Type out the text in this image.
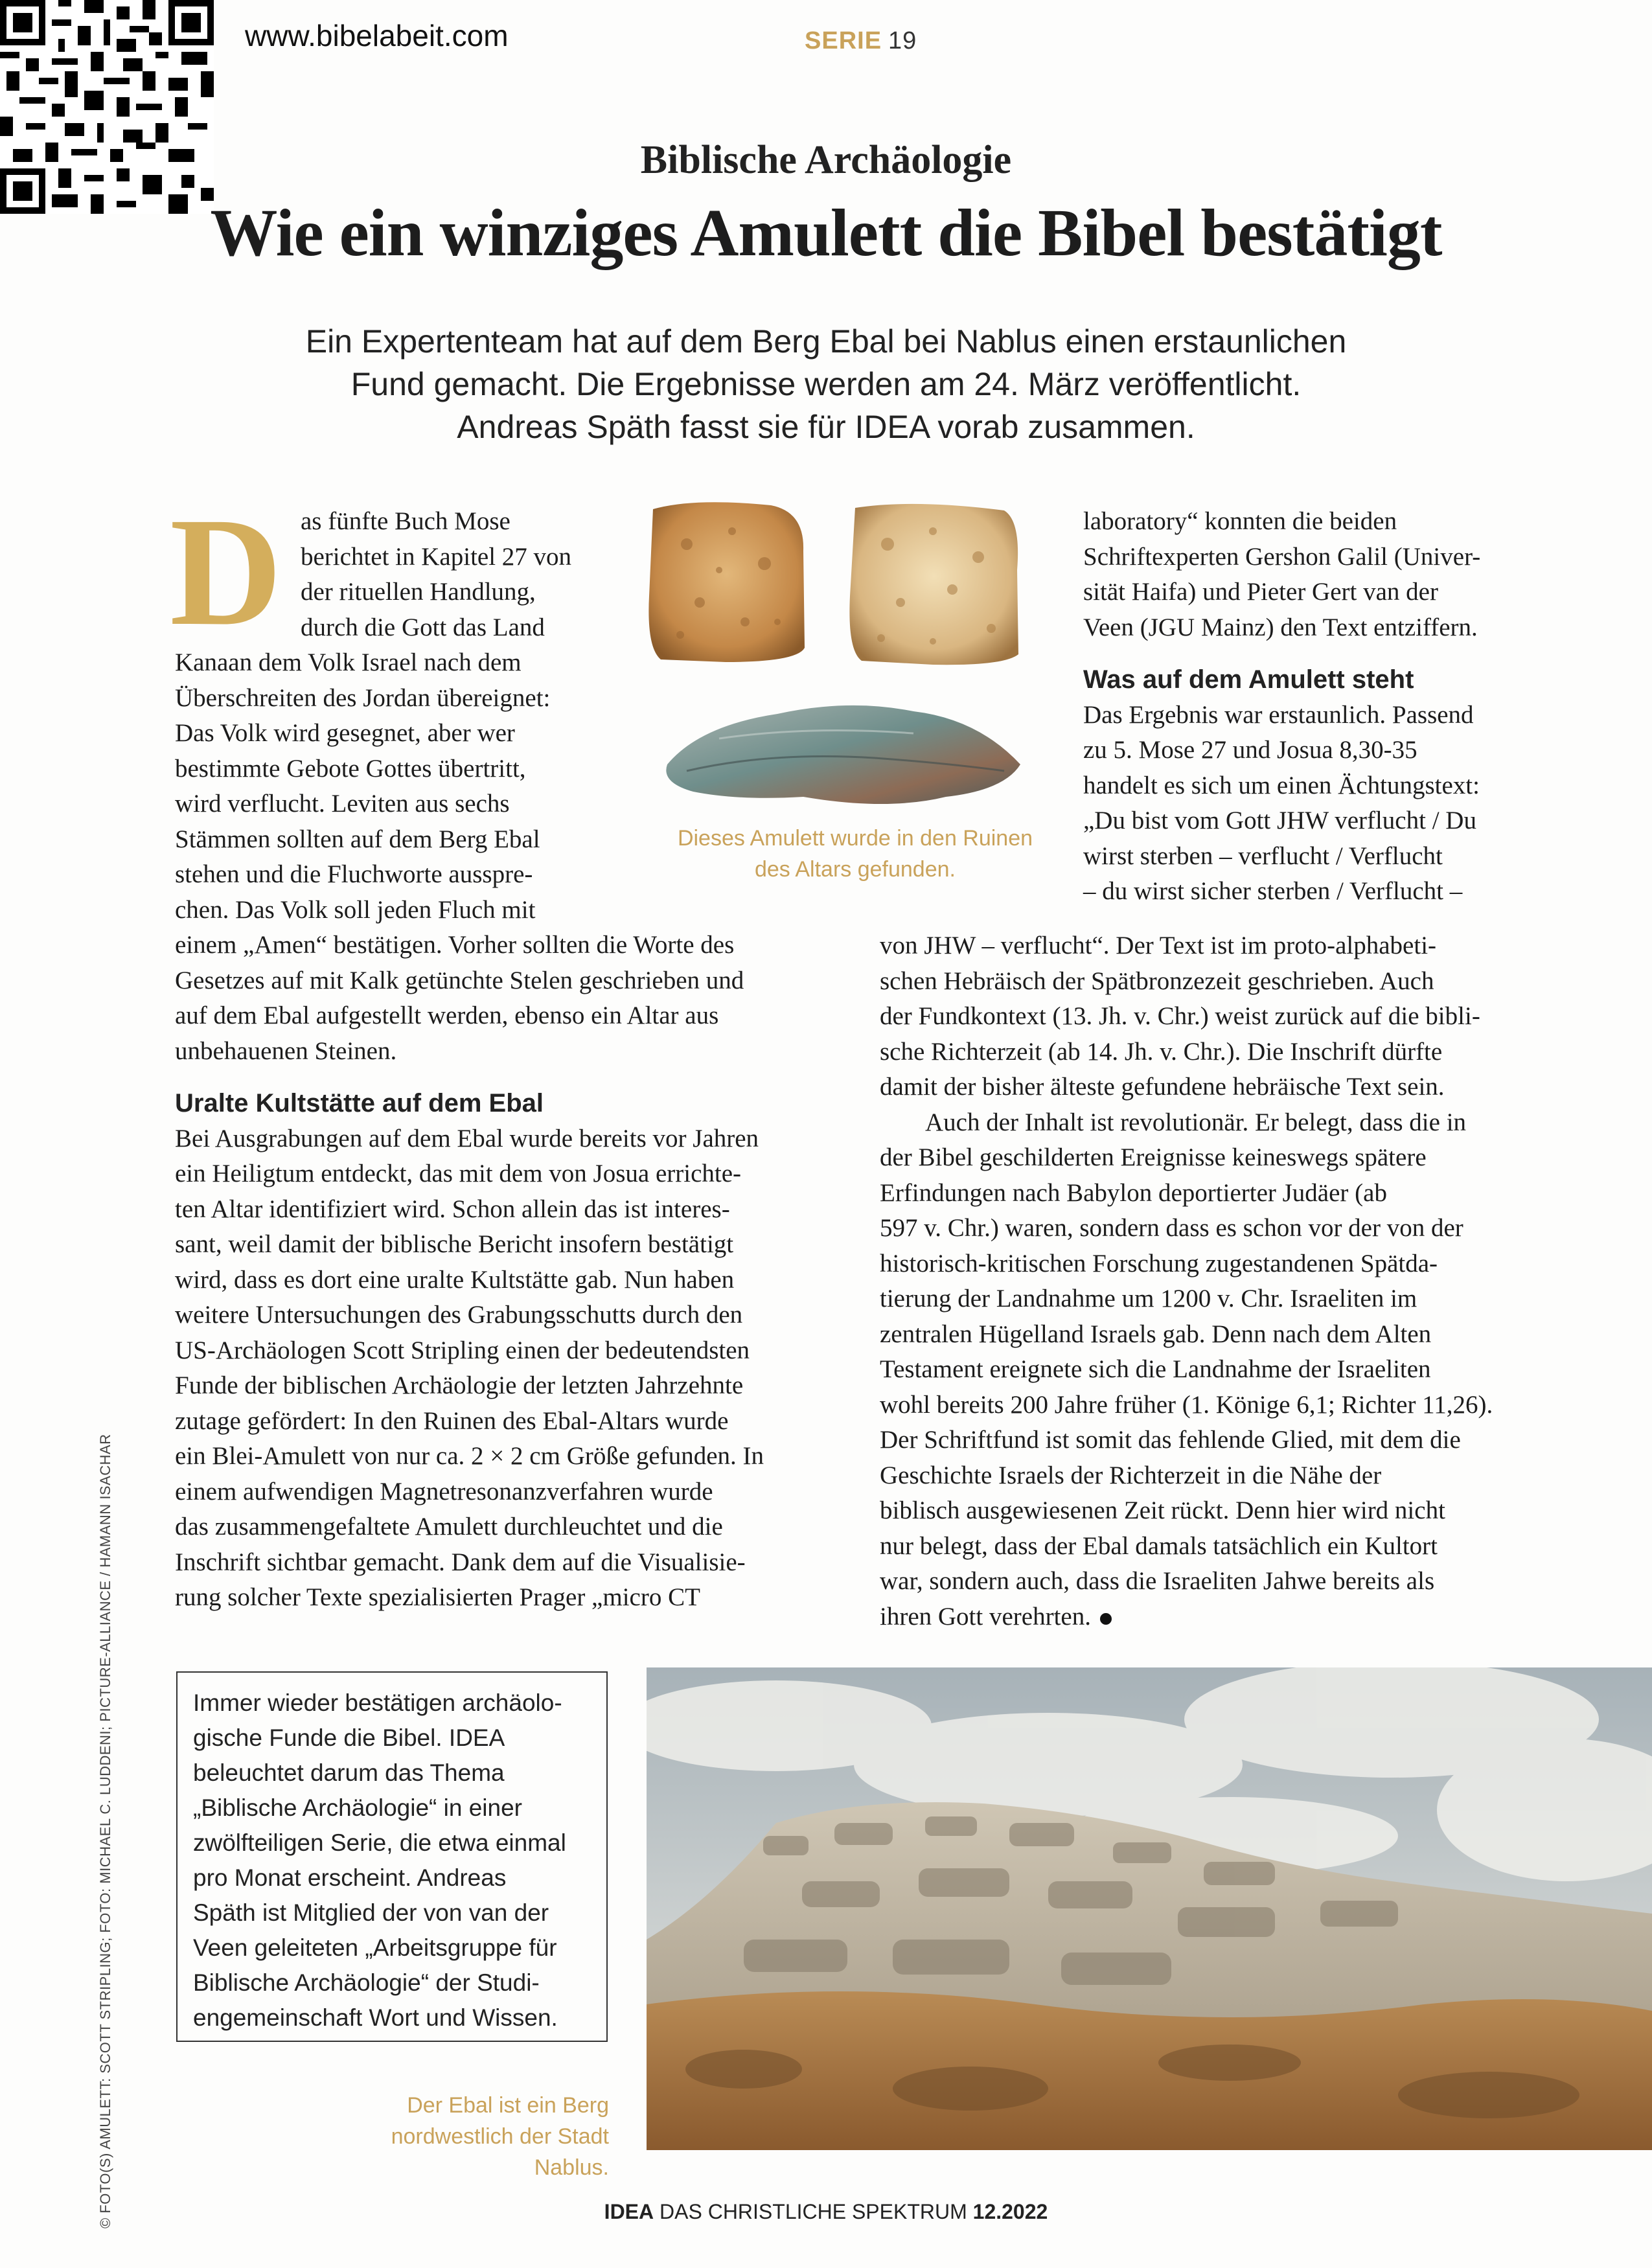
www.bibelabeit.com	SERIE 19
Biblische Archäologie
Wie ein winziges Amulett die Bibel bestätigt
Ein Expertenteam hat auf dem Berg Ebal bei Nablus einen erstaunlichen
Fund gemacht. Die Ergebnisse werden am 24. März veröffentlicht.
Andreas Späth fasst sie für IDEA vorab zusammen.
D as fünfte Buch Mose
berichtet in Kapitel 27 von
der rituellen Handlung,
durch die Gott das Land
Kanaan dem Volk Israel nach dem
Überschreiten des Jordan übereignet:
Das Volk wird gesegnet, aber wer
bestimmte Gebote Gottes übertritt,
wird verflucht. Leviten aus sechs
Stämmen sollten auf dem Berg Ebal
stehen und die Fluchworte ausspre-
chen. Das Volk soll jeden Fluch mit
einem „Amen“ bestätigen. Vorher sollten die Worte des
Gesetzes auf mit Kalk getünchte Stelen geschrieben und
auf dem Ebal aufgestellt werden, ebenso ein Altar aus
unbehauenen Steinen.
Uralte Kultstätte auf dem Ebal
Bei Ausgrabungen auf dem Ebal wurde bereits vor Jahren
ein Heiligtum entdeckt, das mit dem von Josua errichte-
ten Altar identifiziert wird. Schon allein das ist interes-
sant, weil damit der biblische Bericht insofern bestätigt
wird, dass es dort eine uralte Kultstätte gab. Nun haben
weitere Untersuchungen des Grabungsschutts durch den
US-Archäologen Scott Stripling einen der bedeutendsten
Funde der biblischen Archäologie der letzten Jahrzehnte
zutage gefördert: In den Ruinen des Ebal-Altars wurde
ein Blei-Amulett von nur ca. 2 × 2 cm Größe gefunden. In
einem aufwendigen Magnetresonanzverfahren wurde
das zusammengefaltete Amulett durchleuchtet und die
Inschrift sichtbar gemacht. Dank dem auf die Visualisie-
rung solcher Texte spezialisierten Prager „micro CT
Dieses Amulett wurde in den Ruinen
des Altars gefunden.
laboratory“ konnten die beiden
Schriftexperten Gershon Galil (Univer-
sität Haifa) und Pieter Gert van der
Veen (JGU Mainz) den Text entziffern.
Was auf dem Amulett steht
Das Ergebnis war erstaunlich. Passend
zu 5. Mose 27 und Josua 8,30-35
handelt es sich um einen Ächtungstext:
„Du bist vom Gott JHW verflucht / Du
wirst sterben – verflucht / Verflucht
– du wirst sicher sterben / Verflucht –
von JHW – verflucht“. Der Text ist im proto-alphabeti-
schen Hebräisch der Spätbronzezeit geschrieben. Auch
der Fundkontext (13. Jh. v. Chr.) weist zurück auf die bibli-
sche Richterzeit (ab 14. Jh. v. Chr.). Die Inschrift dürfte
damit der bisher älteste gefundene hebräische Text sein.
Auch der Inhalt ist revolutionär. Er belegt, dass die in
der Bibel geschilderten Ereignisse keineswegs spätere
Erfindungen nach Babylon deportierter Judäer (ab
597 v. Chr.) waren, sondern dass es schon vor der von der
historisch-kritischen Forschung zugestandenen Spätda-
tierung der Landnahme um 1200 v. Chr. Israeliten im
zentralen Hügelland Israels gab. Denn nach dem Alten
Testament ereignete sich die Landnahme der Israeliten
wohl bereits 200 Jahre früher (1. Könige 6,1; Richter 11,26).
Der Schriftfund ist somit das fehlende Glied, mit dem die
Geschichte Israels der Richterzeit in die Nähe der
biblisch ausgewiesenen Zeit rückt. Denn hier wird nicht
nur belegt, dass der Ebal damals tatsächlich ein Kultort
war, sondern auch, dass die Israeliten Jahwe bereits als
ihren Gott verehrten.
Immer wieder bestätigen archäolo-
gische Funde die Bibel. IDEA
beleuchtet darum das Thema
„Biblische Archäologie“ in einer
zwölfteiligen Serie, die etwa einmal
pro Monat erscheint. Andreas
Späth ist Mitglied der von van der
Veen geleiteten „Arbeitsgruppe für
Biblische Archäologie“ der Studi-
engemeinschaft Wort und Wissen.
Der Ebal ist ein Berg
nordwestlich der Stadt Nablus.
© FOTO(S) AMULETT: SCOTT STRIPLING; FOTO: MICHAEL C. LUDDENI; PICTURE-ALLIANCE / HAMANN ISACHAR	IDEA DAS CHRISTLICHE SPEKTRUM 12.2022
